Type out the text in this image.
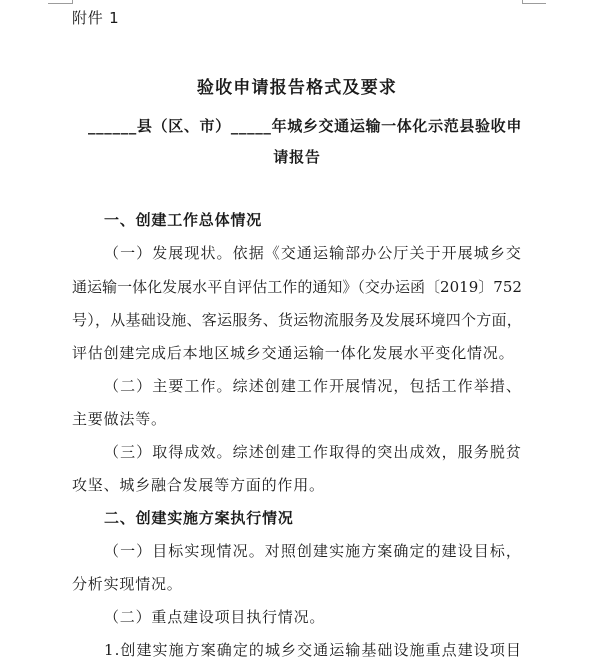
附件 1
验收申请报告格式及要求
______县（区、市）_____年城乡交通运输一体化示范县验收申
请报告
一、创建工作总体情况
（一）发展现状。依据《交通运输部办公厅关于开展城乡交
通运输一体化发展水平自评估工作的通知》（交办运函〔2019〕752
号），从基础设施、客运服务、货运物流服务及发展环境四个方面，
评估创建完成后本地区城乡交通运输一体化发展水平变化情况。
（二）主要工作。综述创建工作开展情况，包括工作举措、
主要做法等。
（三）取得成效。综述创建工作取得的突出成效，服务脱贫
攻坚、城乡融合发展等方面的作用。
二、创建实施方案执行情况
（一）目标实现情况。对照创建实施方案确定的建设目标，
分析实现情况。
（二）重点建设项目执行情况。
1.创建实施方案确定的城乡交通运输基础设施重点建设项目
